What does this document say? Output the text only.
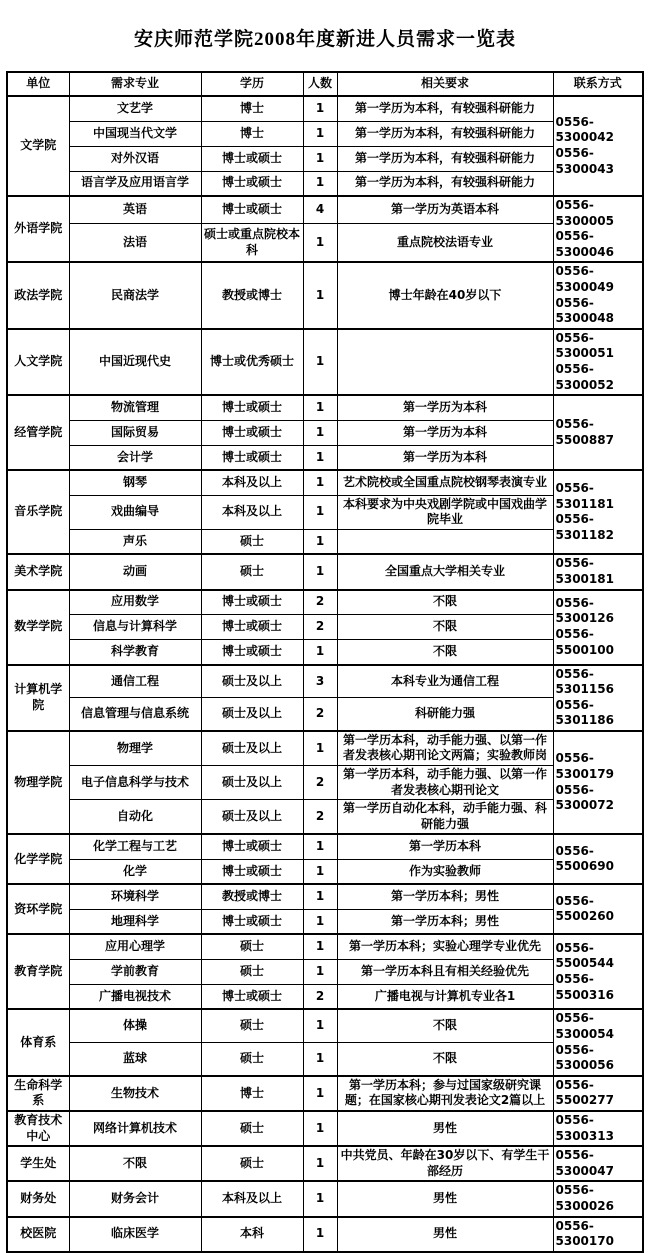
安庆师范学院2008年度新进人员需求一览表
单位	需求专业	学历	人数	相关要求	联系方式
文学院	文艺学	博士	1	第一学历为本科，有较强科研能力	0556-5300042
0556-5300043

	中国现当代文学	博士	1	第一学历为本科，有较强科研能力	
	对外汉语	博士或硕士	1	第一学历为本科，有较强科研能力	
	语言学及应用语言学	博士或硕士	1	第一学历为本科，有较强科研能力	
外语学院	英语	博士或硕士	4	第一学历为英语本科	0556-5300005
0556-5300046

	法语	硕士或重点院校本科	1	重点院校法语专业	
政法学院	民商法学	教授或博士	1	博士年龄在40岁以下	0556-5300049
0556-5300048

人文学院	中国近现代史	博士或优秀硕士	1		0556-5300051
0556-5300052

经管学院	物流管理	博士或硕士	1	第一学历为本科	0556-5500887

	国际贸易	博士或硕士	1	第一学历为本科	
	会计学	博士或硕士	1	第一学历为本科	
音乐学院	钢琴	本科及以上	1	艺术院校或全国重点院校钢琴表演专业	0556-5301181
0556-5301182

	戏曲编导	本科及以上	1	本科要求为中央戏剧学院或中国戏曲学院毕业	
	声乐	硕士	1		
美术学院	动画	硕士	1	全国重点大学相关专业	0556-5300181

数学学院	应用数学	博士或硕士	2	不限	0556-5300126
0556-5500100

	信息与计算科学	博士或硕士	2	不限	
	科学教育	博士或硕士	1	不限	
计算机学院	通信工程	硕士及以上	3	本科专业为通信工程	0556-5301156
0556-5301186

	信息管理与信息系统	硕士及以上	2	科研能力强	
物理学院	物理学	硕士及以上	1	第一学历本科，动手能力强、以第一作者发表核心期刊论文两篇；实验教师岗	0556-5300179
0556-5300072

	电子信息科学与技术	硕士及以上	2	第一学历本科，动手能力强、以第一作者发表核心期刊论文	
	自动化	硕士及以上	2	第一学历自动化本科，动手能力强、科研能力强	
化学学院	化学工程与工艺	博士或硕士	1	第一学历本科	0556-5500690

	化学	博士或硕士	1	作为实验教师	
资环学院	环境科学	教授或博士	1	第一学历本科；男性	0556-5500260

	地理科学	博士或硕士	1	第一学历本科；男性	
教育学院	应用心理学	硕士	1	第一学历本科；实验心理学专业优先	0556-5500544
0556-5500316

	学前教育	硕士	1	第一学历本科且有相关经验优先	
	广播电视技术	博士或硕士	2	广播电视与计算机专业各1	
体育系	体操	硕士	1	不限	0556-5300054
0556-5300056

	蓝球	硕士	1	不限	
生命科学系	生物技术	博士	1	第一学历本科；参与过国家级研究课题；在国家核心期刊发表论文2篇以上	0556-5500277

教育技术中心	网络计算机技术	硕士	1	男性	0556-5300313

学生处	不限	硕士	1	中共党员、年龄在30岁以下、有学生干部经历	0556-5300047

财务处	财务会计	本科及以上	1	男性	0556-5300026

校医院	临床医学	本科	1	男性	0556-5300170
